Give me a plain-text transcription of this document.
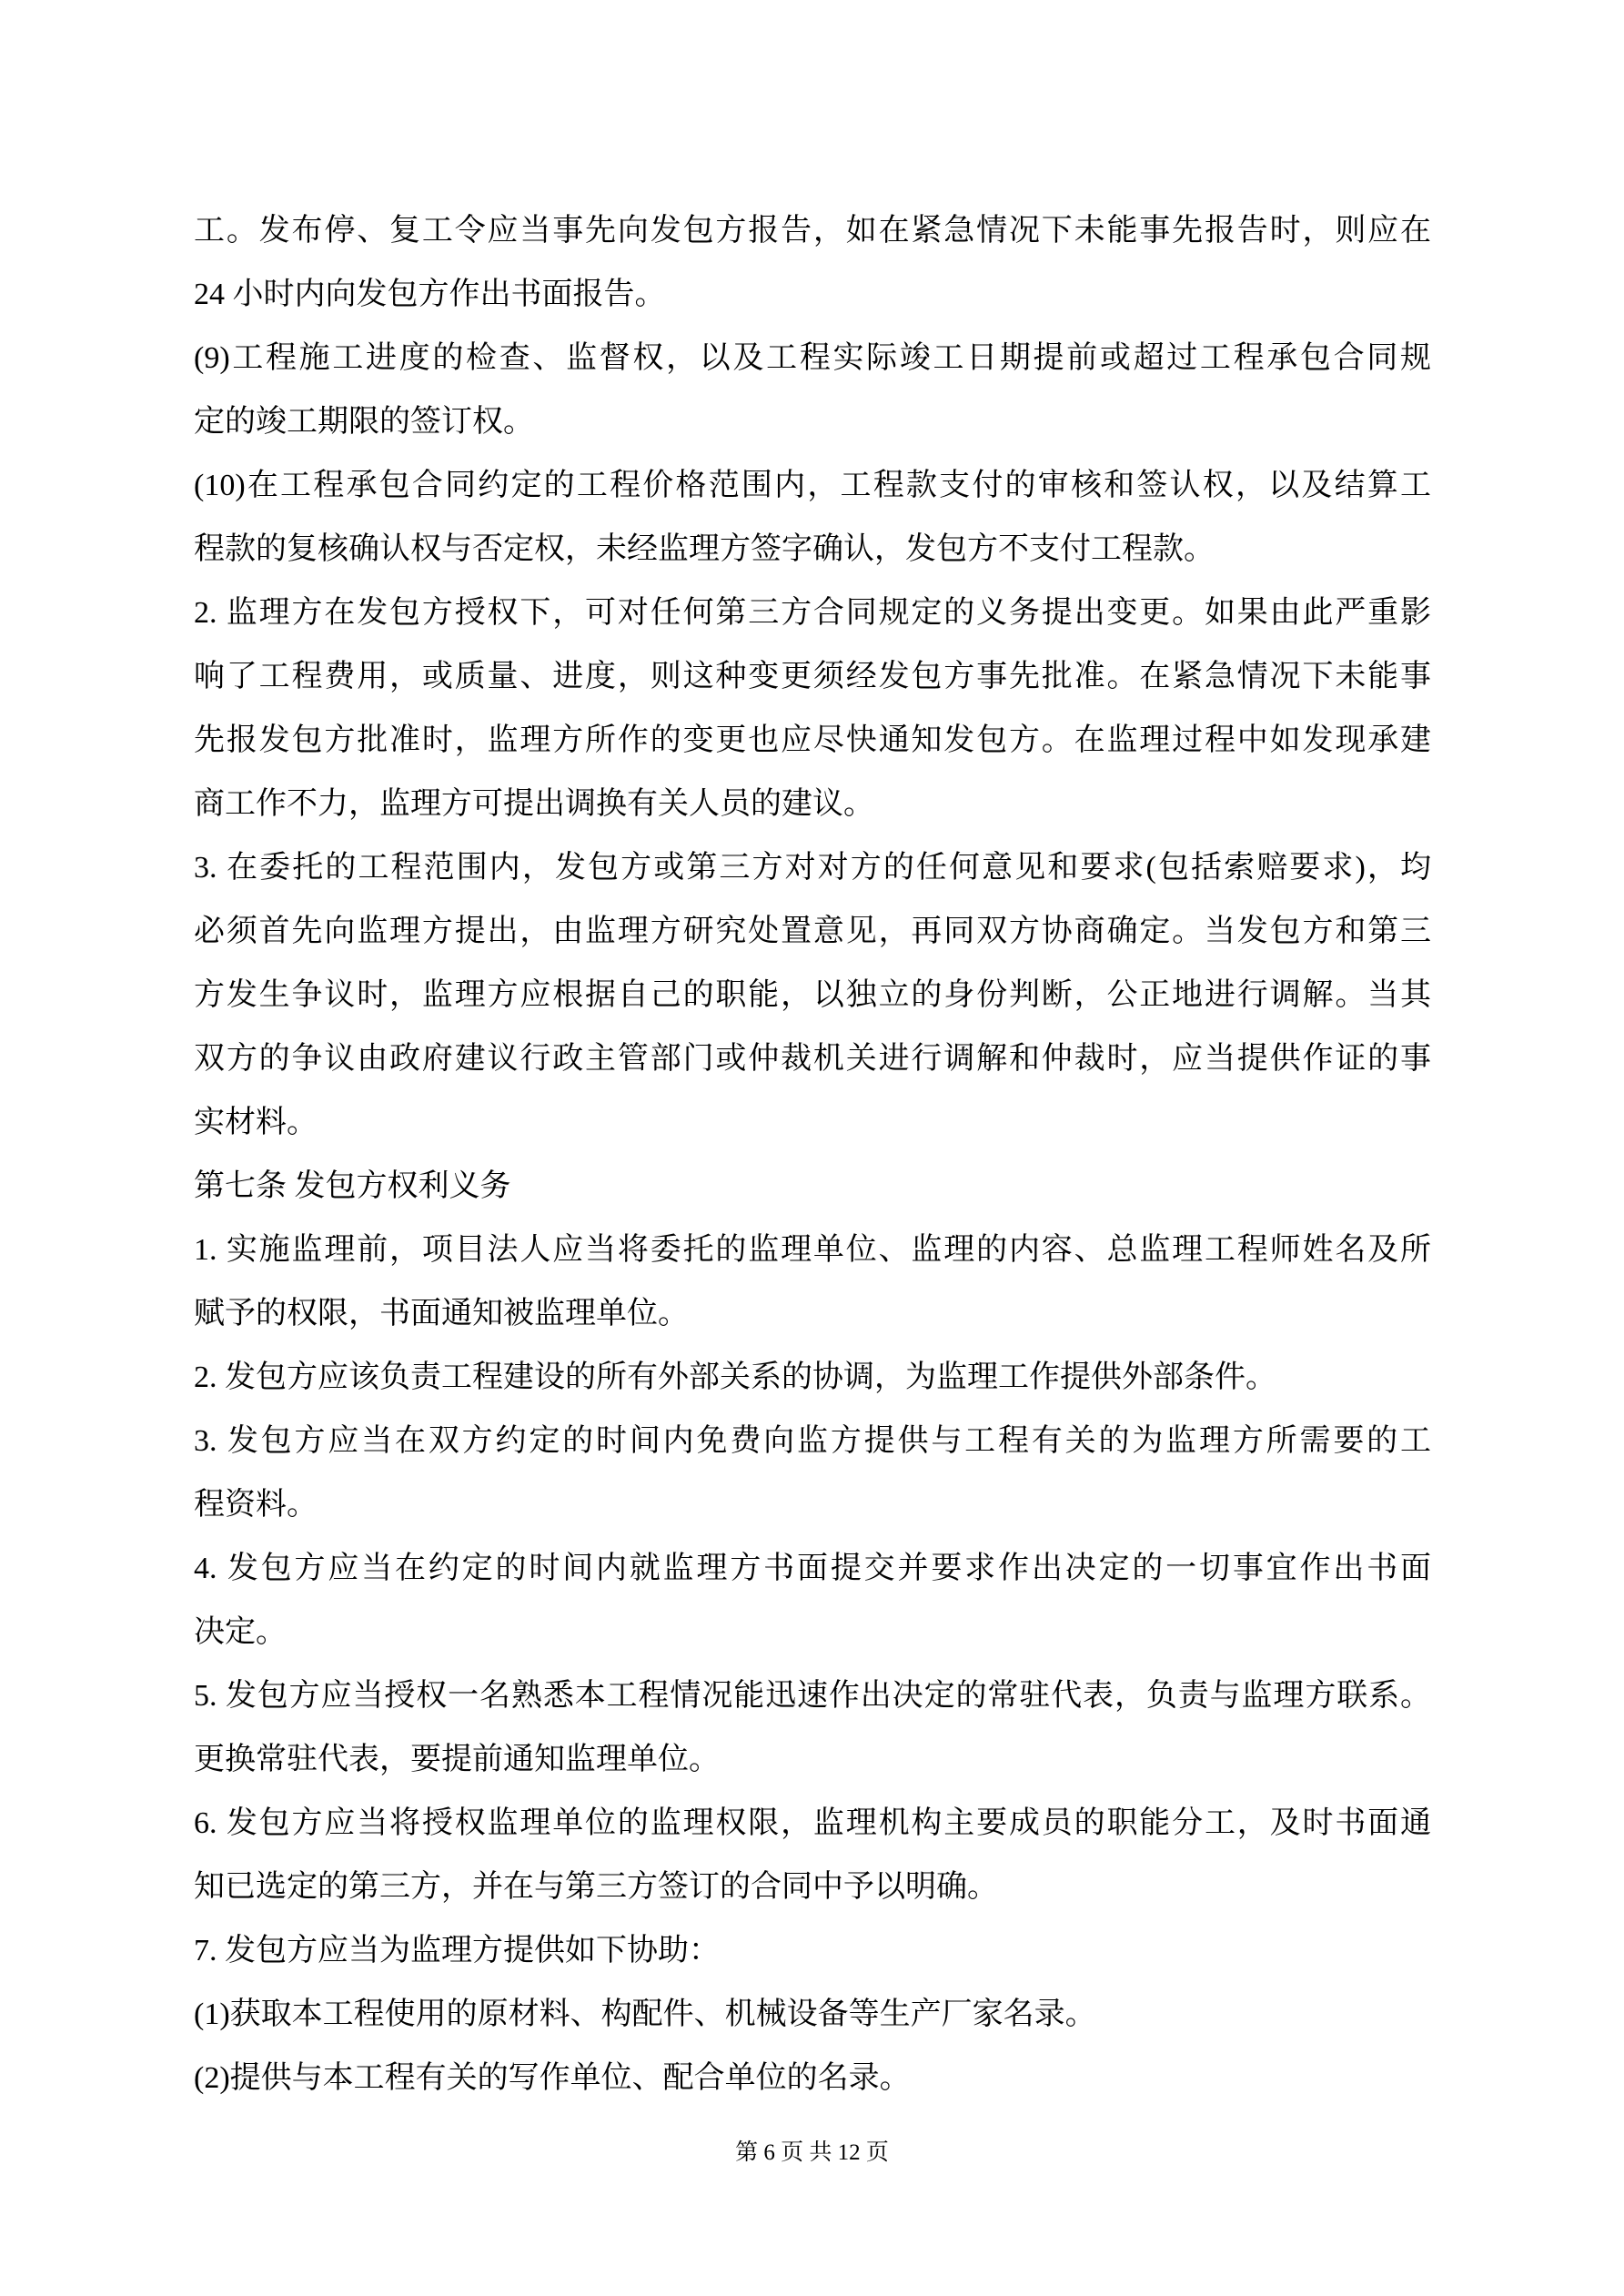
工。发布停、复工令应当事先向发包方报告，如在紧急情况下未能事先报告时，则应在
24 小时内向发包方作出书面报告。
(9)工程施工进度的检查、监督权，以及工程实际竣工日期提前或超过工程承包合同规
定的竣工期限的签订权。
(10)在工程承包合同约定的工程价格范围内，工程款支付的审核和签认权，以及结算工
程款的复核确认权与否定权，未经监理方签字确认，发包方不支付工程款。
2. 监理方在发包方授权下，可对任何第三方合同规定的义务提出变更。如果由此严重影
响了工程费用，或质量、进度，则这种变更须经发包方事先批准。在紧急情况下未能事
先报发包方批准时，监理方所作的变更也应尽快通知发包方。在监理过程中如发现承建
商工作不力，监理方可提出调换有关人员的建议。
3. 在委托的工程范围内，发包方或第三方对对方的任何意见和要求(包括索赔要求)，均
必须首先向监理方提出，由监理方研究处置意见，再同双方协商确定。当发包方和第三
方发生争议时，监理方应根据自己的职能，以独立的身份判断，公正地进行调解。当其
双方的争议由政府建议行政主管部门或仲裁机关进行调解和仲裁时，应当提供作证的事
实材料。
第七条 发包方权利义务
1. 实施监理前，项目法人应当将委托的监理单位、监理的内容、总监理工程师姓名及所
赋予的权限，书面通知被监理单位。
2. 发包方应该负责工程建设的所有外部关系的协调，为监理工作提供外部条件。
3. 发包方应当在双方约定的时间内免费向监方提供与工程有关的为监理方所需要的工
程资料。
4. 发包方应当在约定的时间内就监理方书面提交并要求作出决定的一切事宜作出书面
决定。
5. 发包方应当授权一名熟悉本工程情况能迅速作出决定的常驻代表，负责与监理方联系。
更换常驻代表，要提前通知监理单位。
6. 发包方应当将授权监理单位的监理权限，监理机构主要成员的职能分工，及时书面通
知已选定的第三方，并在与第三方签订的合同中予以明确。
7. 发包方应当为监理方提供如下协助：
(1)获取本工程使用的原材料、构配件、机械设备等生产厂家名录。
(2)提供与本工程有关的写作单位、配合单位的名录。
第 6 页 共 12 页
